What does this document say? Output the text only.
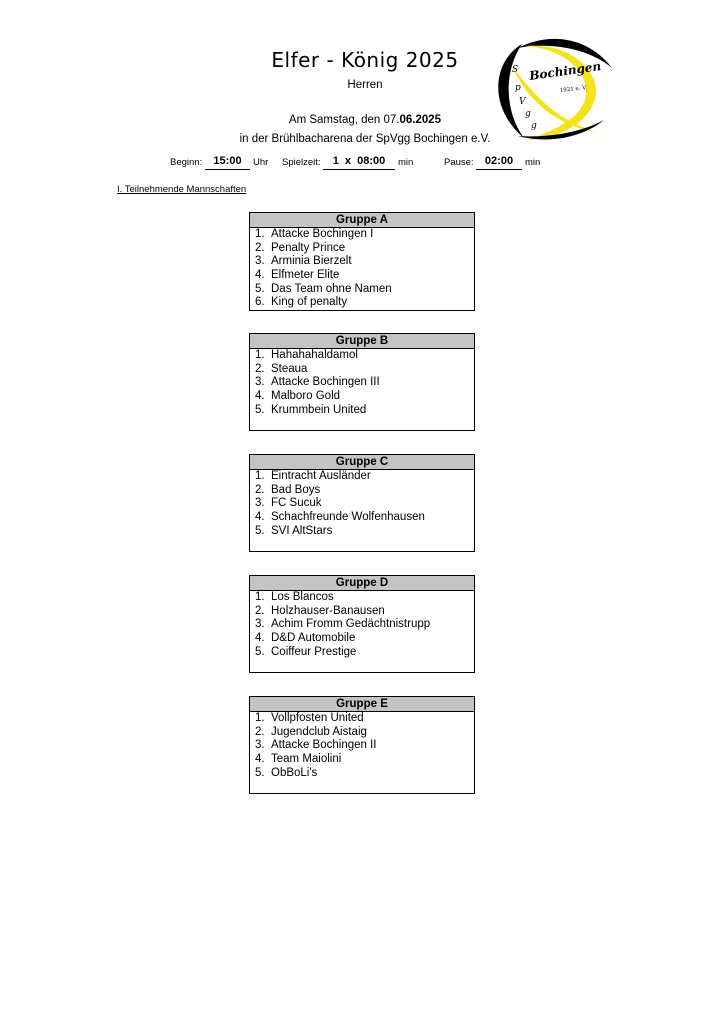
Elfer - König 2025
Herren
Am Samstag, den 07.06.2025
in der Brühlbacharena der SpVgg Bochingen e.V.
S
p
V
g
g
Bochingen
1921 e. V.
Beginn:	15:00	Uhr Spielzeit:	1  x  08:00	min	Pause:	02:00	min
I. Teilnehmende Mannschaften
Gruppe A
1. Attacke Bochingen I
2. Penalty Prince
3. Arminia Bierzelt
4. Elfmeter Elite
5. Das Team ohne Namen
6. King of penalty
Gruppe B
1. Hahahahaldamol
2. Steaua
3. Attacke Bochingen III
4. Malboro Gold
5. Krummbein United
Gruppe C
1. Eintracht Ausländer
2. Bad Boys
3. FC Sucuk
4. Schachfreunde Wolfenhausen
5. SVI AltStars
Gruppe D
1. Los Blancos
2. Holzhauser-Banausen
3. Achim Fromm Gedächtnistrupp
4. D&D Automobile
5. Coiffeur Prestige
Gruppe E
1. Vollpfosten United
2. Jugendclub Aistaig
3. Attacke Bochingen II
4. Team Maiolini
5. ObBoLi's
